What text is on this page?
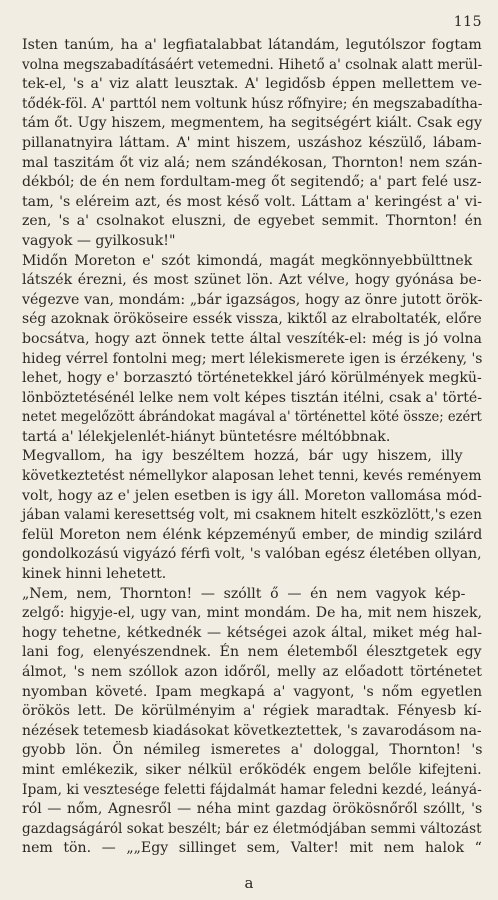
115
Isten tanúm, ha a' legfiatalabbat látandám, legutólszor fogtam
volna megszabadításáért vetemedni. Hihető a' csolnak alatt merül-
tek-el, 's a' viz alatt leusztak. A' legidősb éppen mellettem ve-
tődék-föl. A' parttól nem voltunk húsz rőfnyire; én megszabadítha-
tám őt. Ugy hiszem, megmentem, ha segitségért kiált. Csak egy
pillanatnyira láttam. A' mint hiszem, uszáshoz készülő, lábam-
mal taszitám őt viz alá; nem szándékosan, Thornton! nem szán-
dékból; de én nem fordultam-meg őt segitendő; a' part felé usz-
tam, 's eléreim azt, és most késő volt. Láttam a' keringést a' vi-
zen, 's a' csolnakot eluszni, de egyebet semmit. Thornton! én
vagyok — gyilkosuk!"
Midőn Moreton e' szót kimondá, magát megkönnyebbülttnek
látszék érezni, és most szünet lön. Azt vélve, hogy gyónása be-
végezve van, mondám: „bár igazságos, hogy az önre jutott örök-
ség azoknak örököseire essék vissza, kiktől az elraboltaték, előre
bocsátva, hogy azt önnek tette által veszíték-el: még is jó volna
hideg vérrel fontolni meg; mert lélekismerete igen is érzékeny, 's
lehet, hogy e' borzasztó történetekkel járó körülmények megkü-
lönböztetésénél lelke nem volt képes tisztán itélni, csak a' törté-
netet megelőzött ábrándokat magával a' történettel köté össze; ezért
tartá a' lélekjelenlét-hiányt büntetésre méltóbbnak.
Megvallom, ha igy beszéltem hozzá, bár ugy hiszem, illy
következtetést némellykor alaposan lehet tenni, kevés reményem
volt, hogy az e' jelen esetben is igy áll. Moreton vallomása mód-
jában valami keresettség volt, mi csaknem hitelt eszközlött,'s ezen
felül Moreton nem élénk képzeményű ember, de mindig szilárd
gondolkozású vigyázó férfi volt, 's valóban egész életében ollyan,
kinek hinni lehetett.
„Nem, nem, Thornton! — szóllt ő — én nem vagyok kép-
zelgő: higyje-el, ugy van, mint mondám. De ha, mit nem hiszek,
hogy tehetne, kétkednék — kétségei azok által, miket még hal-
lani fog, elenyészendnek. Én nem életemből élesztgetek egy
álmot, 's nem szóllok azon időről, melly az előadott történetet
nyomban követé. Ipam megkapá a' vagyont, 's nőm egyetlen
örökös lett. De körülményim a' régiek maradtak. Fényesb kí-
nézések tetemesb kiadásokat következtettek, 's zavarodásom na-
gyobb lön. Ön némileg ismeretes a' dologgal, Thornton! 's
mint emlékezik, siker nélkül erőködék engem belőle kifejteni.
Ipam, ki vesztesége feletti fájdalmát hamar feledni kezdé, leányá-
ról — nőm, Agnesről — néha mint gazdag örökösnőről szóllt, 's
gazdagságáról sokat beszélt; bár ez életmódjában semmi változást
nem tön. — „„Egy sillinget sem, Valter! mit nem halok “
a
